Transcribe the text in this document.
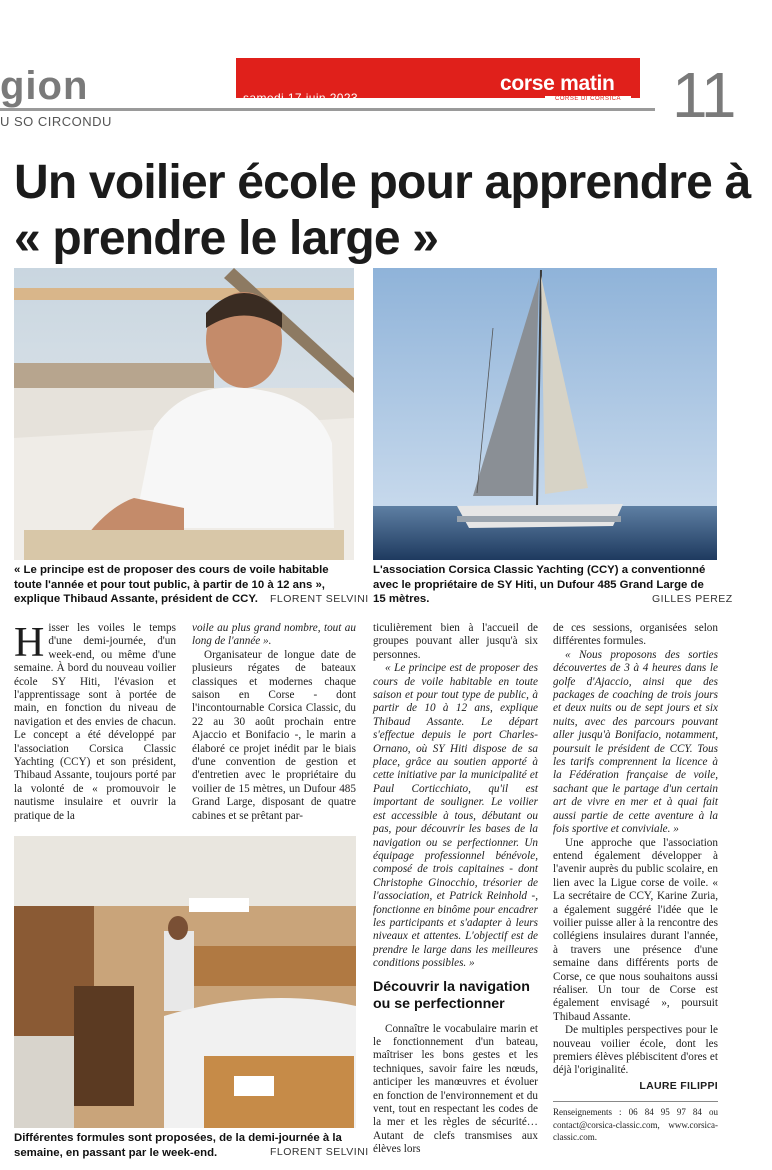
gion
U SO CIRCONDU
samedi 17 juin 2023
corse matin
CORSE DI CORSICA 11
Un voilier école pour apprendre à « prendre le large »
« Le principe est de proposer des cours de voile habitable toute l'année et pour tout public, à partir de 10 à 12 ans », explique Thibaud Assante, président de CCY.	FLORENT SELVINI
L'association Corsica Classic Yachting (CCY) a conventionné avec le propriétaire de SY Hiti, un Dufour 485 Grand Large de 15 mètres.	GILLES PEREZ

Hisser les voiles le temps d'une demi-journée, d'un week-end, ou même d'une semaine. À bord du nouveau voilier école SY Hiti, l'évasion et l'apprentissage sont à portée de main, en fonction du niveau de navigation et des envies de chacun. Le concept a été développé par l'association Corsica Classic Yachting (CCY) et son président, Thibaud Assante, toujours porté par la volonté de « promouvoir le nautisme insulaire et ouvrir la pratique de la

voile au plus grand nombre, tout au long de l'année ».

Organisateur de longue date de plusieurs régates de bateaux classiques et modernes chaque saison en Corse - dont l'incontournable Corsica Classic, du 22 au 30 août prochain entre Ajaccio et Bonifacio -, le marin a élaboré ce projet inédit par le biais d'une convention de gestion et d'entretien avec le propriétaire du voilier de 15 mètres, un Dufour 485 Grand Large, disposant de quatre cabines et se prêtant par-

Différentes formules sont proposées, de la demi-journée à la semaine, en passant par le week-end.	FLORENT SELVINI

ticulièrement bien à l'accueil de groupes pouvant aller jusqu'à six personnes.

« Le principe est de proposer des cours de voile habitable en toute saison et pour tout type de public, à partir de 10 à 12 ans, explique Thibaud Assante. Le départ s'effectue depuis le port Charles-Ornano, où SY Hiti dispose de sa place, grâce au soutien apporté à cette initiative par la municipalité et Paul Corticchiato, qu'il est important de souligner. Le voilier est accessible à tous, débutant ou pas, pour découvrir les bases de la navigation ou se perfectionner. Un équipage professionnel bénévole, composé de trois capitaines - dont Christophe Ginocchio, trésorier de l'association, et Patrick Reinhold -, fonctionne en binôme pour encadrer les participants et s'adapter à leurs niveaux et attentes. L'objectif est de prendre le large dans les meilleures conditions possibles. »

Découvrir la navigation ou se perfectionner

Connaître le vocabulaire marin et le fonctionnement d'un bateau, maîtriser les bons gestes et les techniques, savoir faire les nœuds, anticiper les manœuvres et évoluer en fonction de l'environnement et du vent, tout en respectant les codes de la mer et les règles de sécurité… Autant de clefs transmises aux élèves lors

de ces sessions, organisées selon différentes formules.

« Nous proposons des sorties découvertes de 3 à 4 heures dans le golfe d'Ajaccio, ainsi que des packages de coaching de trois jours et deux nuits ou de sept jours et six nuits, avec des parcours pouvant aller jusqu'à Bonifacio, notamment, poursuit le président de CCY. Tous les tarifs comprennent la licence à la Fédération française de voile, sachant que le partage d'un certain art de vivre en mer et à quai fait aussi partie de cette aventure à la fois sportive et conviviale. »

Une approche que l'association entend également développer à l'avenir auprès du public scolaire, en lien avec la Ligue corse de voile. « La secrétaire de CCY, Karine Zuria, a également suggéré l'idée que le voilier puisse aller à la rencontre des collégiens insulaires durant l'année, à travers une présence d'une semaine dans différents ports de Corse, ce que nous souhaitons aussi réaliser. Un tour de Corse est également envisagé », poursuit Thibaud Assante.

De multiples perspectives pour le nouveau voilier école, dont les premiers élèves plébiscitent d'ores et déjà l'originalité.

LAURE FILIPPI
Renseignements : 06 84 95 97 84 ou contact@corsica-classic.com, www.corsica-classic.com.
